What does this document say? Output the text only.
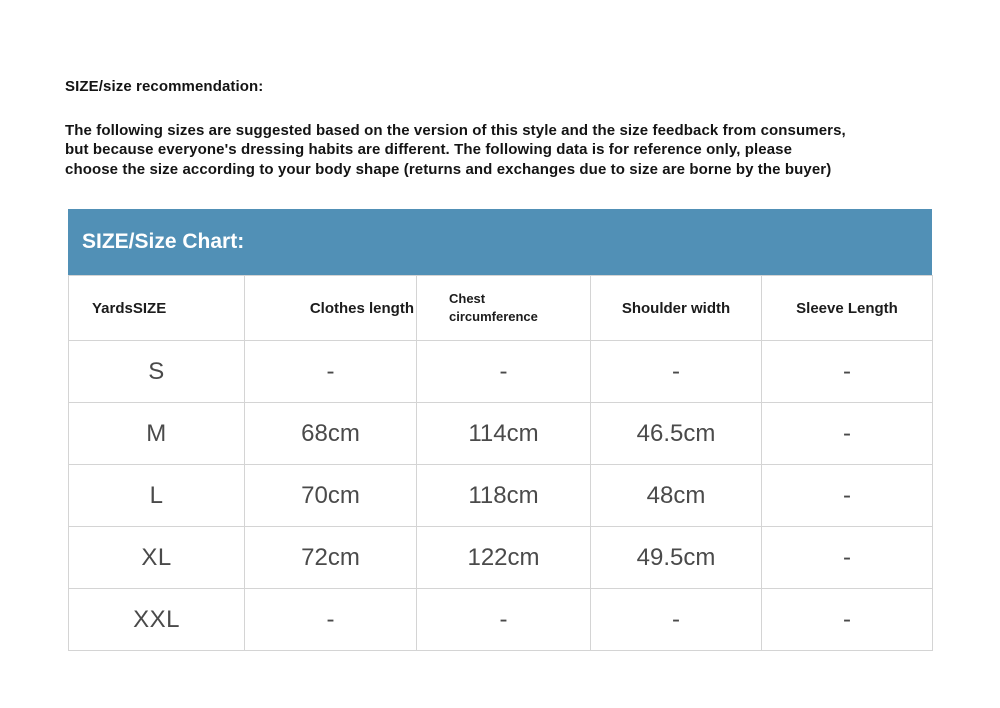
SIZE/size recommendation:
The following sizes are suggested based on the version of this style and the size feedback from consumers,
but because everyone's dressing habits are different. The following data is for reference only, please
choose the size according to your body shape (returns and exchanges due to size are borne by the buyer)
SIZE/Size Chart:
YardsSIZE	Clothes length	Chest circumference	Shoulder width	Sleeve Length
S	-	-	-	-
M	68cm	114cm	46.5cm	-
L	70cm	118cm	48cm	-
XL	72cm	122cm	49.5cm	-
XXL	-	-	-	-
